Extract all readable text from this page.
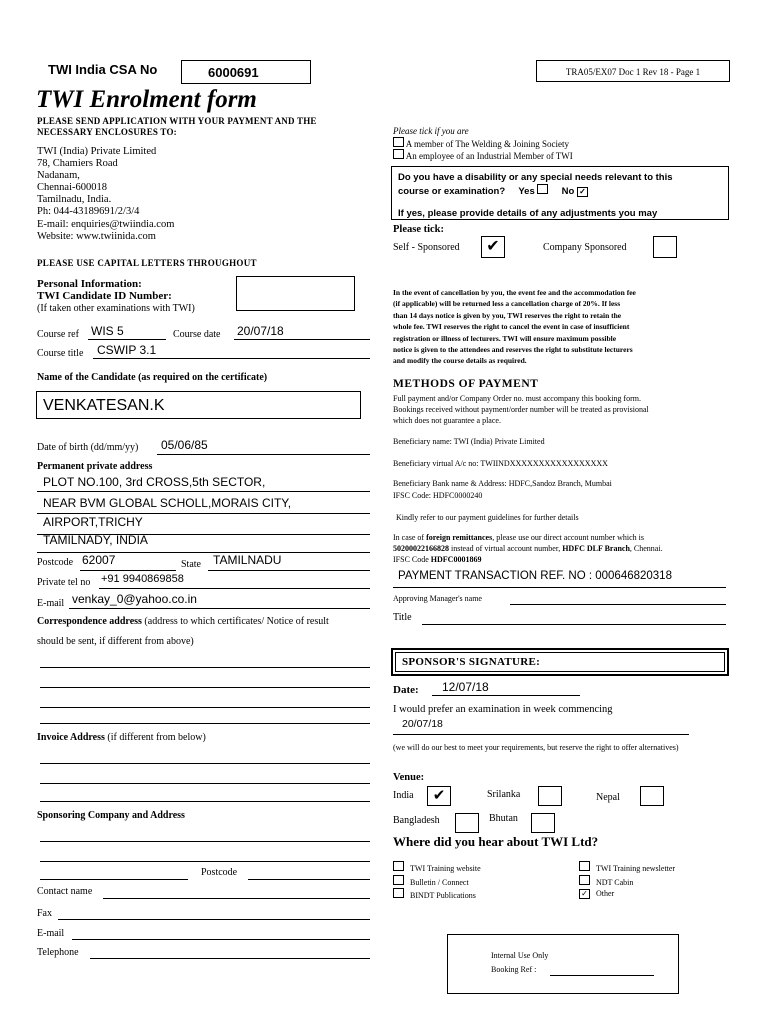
TWI India CSA No	6000691	TRA05/EX07 Doc 1 Rev 18 - Page 1
TWI Enrolment form
PLEASE SEND APPLICATION WITH YOUR PAYMENT AND THE
NECESSARY ENCLOSURES TO:
TWI (India) Private Limited
78, Chamiers Road
Nadanam,
Chennai-600018
Tamilnadu, India.
Ph: 044-43189691/2/3/4
E-mail: enquiries@twiindia.com
Website: www.twiinida.com
PLEASE USE CAPITAL LETTERS THROUGHOUT
Personal Information:
TWI Candidate ID Number:
(If taken other examinations with TWI)
Course ref WIS 5	Course date 20/07/18
Course title CSWIP 3.1
Name of the Candidate (as required on the certificate)
VENKATESAN.K
Date of birth (dd/mm/yy) 05/06/85
Permanent private address
PLOT NO.100, 3rd CROSS,5th SECTOR,
NEAR BVM GLOBAL SCHOLL,MORAIS CITY,
AIRPORT,TRICHY
TAMILNADY, INDIA
Postcode 62007	State TAMILNADU
Private tel no +91 9940869858
E-mail venkay_0@yahoo.co.in
Correspondence address (address to which certificates/ Notice of result
should be sent, if different from above)
Invoice Address (if different from below)
Sponsoring Company and Address
Postcode
Contact name
Fax
E-mail
Telephone
Please tick if you are
A member of The Welding & Joining Society
An employee of an Industrial Member of TWI
Do you have a disability or any special needs relevant to this
course or examination? Yes	No ✓
If yes, please provide details of any adjustments you may
Please tick:
Self - Sponsored	✔	Company Sponsored
In the event of cancellation by you, the event fee and the accommodation fee
(if applicable) will be returned less a cancellation charge of 20%. If less
than 14 days notice is given by you, TWI reserves the right to retain the
whole fee. TWI reserves the right to cancel the event in case of insufficient
registration or illness of lecturers. TWI will ensure maximum possible
notice is given to the attendees and reserves the right to substitute lecturers
and modify the course details as required.
METHODS OF PAYMENT
Full payment and/or Company Order no. must accompany this booking form.
Bookings received without payment/order number will be treated as provisional
which does not guarantee a place.
Beneficiary name: TWI (India) Private Limited
Beneficiary virtual A/c no: TWIINDXXXXXXXXXXXXXXXXX
Beneficiary Bank name & Address: HDFC,Sandoz Branch, Mumbai
IFSC Code: HDFC0000240
Kindly refer to our payment guidelines for further details
In case of foreign remittances, please use our direct account number which is
50200022166828 instead of virtual account number, HDFC DLF Branch, Chennai.
IFSC Code HDFC0001869
PAYMENT TRANSACTION REF. NO : 000646820318
Approving Manager's name
Title
SPONSOR'S SIGNATURE:
Date: 12/07/18
I would prefer an examination in week commencing
20/07/18
(we will do our best to meet your requirements, but reserve the right to offer alternatives)
Venue:
India	✔	Srilanka	Nepal
Bangladesh	Bhutan
Where did you hear about TWI Ltd?
TWI Training website
Bulletin / Connect
BINDT Publications
TWI Training newsletter
NDT Cabin
✓ Other
Internal Use Only
Booking Ref :
